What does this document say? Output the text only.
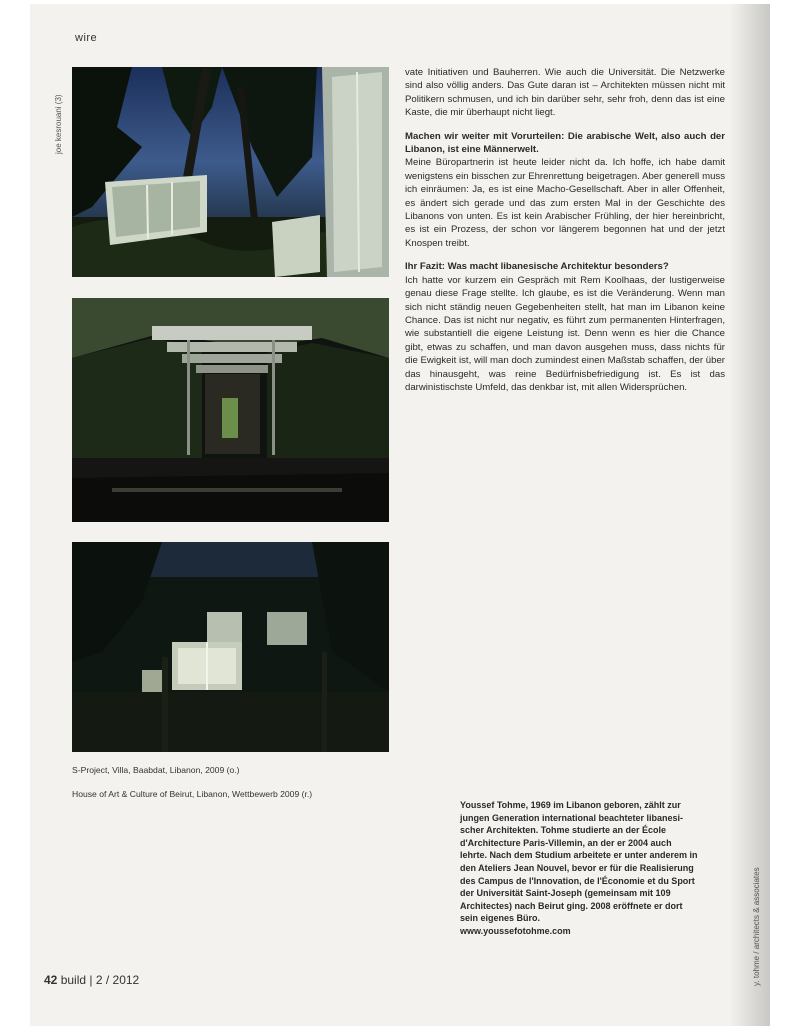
wire
joe kesrouani (3)
S-Project, Villa, Baabdat, Libanon, 2009 (o.)
House of Art & Culture of Beirut, Libanon, Wettbewerb 2009 (r.)

vate Initiativen und Bauherren. Wie auch die Universität. Die Netzwerke sind also völlig anders. Das Gute daran ist – Architekten müssen nicht mit Politikern schmusen, und ich bin darüber sehr, sehr froh, denn das ist eine Kaste, die mir überhaupt nicht liegt.

Machen wir weiter mit Vorurteilen: Die arabische Welt, also auch der Libanon, ist eine Männerwelt.
Meine Büropartnerin ist heute leider nicht da. Ich hoffe, ich habe damit wenigstens ein bisschen zur Ehrenrettung beigetragen. Aber generell muss ich einräumen: Ja, es ist eine Macho-Gesellschaft. Aber in aller Offenheit, es ändert sich gerade und das zum ersten Mal in der Geschichte des Libanons von unten. Es ist kein Arabischer Frühling, der hier hereinbricht, es ist ein Prozess, der schon vor längerem begonnen hat und der jetzt Knospen treibt.

Ihr Fazit: Was macht libanesische Architektur besonders?
Ich hatte vor kurzem ein Gespräch mit Rem Koolhaas, der lustigerweise genau diese Frage stellte. Ich glaube, es ist die Veränderung. Wenn man sich nicht ständig neuen Gegebenheiten stellt, hat man im Libanon keine Chance. Das ist nicht nur negativ, es führt zum permanenten Hinterfragen, wie substantiell die eigene Leistung ist. Denn wenn es hier die Chance gibt, etwas zu schaffen, und man davon ausgehen muss, dass nichts für die Ewigkeit ist, will man doch zumindest einen Maßstab schaffen, der über das hinausgeht, was reine Bedürfnisbefriedigung ist. Es ist das darwinistischste Umfeld, das denkbar ist, mit allen Widersprüchen.

Youssef Tohme, 1969 im Libanon geboren, zählt zur jungen Generation international beachteter libanesischer Architekten. Tohme studierte an der École d'Architecture Paris-Villemin, an der er 2004 auch lehrte. Nach dem Studium arbeitete er unter anderem in den Ateliers Jean Nouvel, bevor er für die Realisierung des Campus de l'Innovation, de l'Économie et du Sport der Universität Saint-Joseph (gemeinsam mit 109 Architectes) nach Beirut ging. 2008 eröffnete er dort sein eigenes Büro.
www.youssefotohme.com	y. tohme / architects & associates
42 build | 2 / 2012
